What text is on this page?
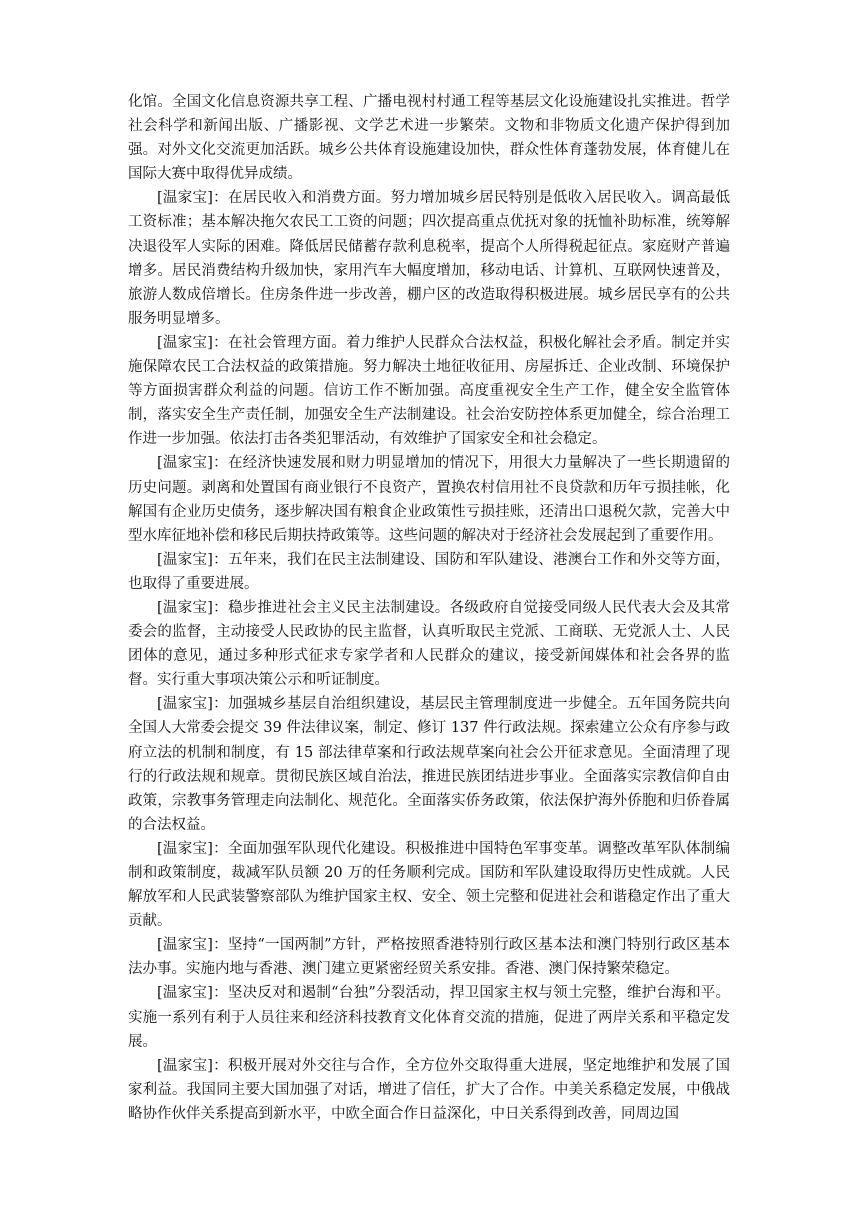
化馆。全国文化信息资源共享工程、广播电视村村通工程等基层文化设施建设扎实推进。哲学社会科学和新闻出版、广播影视、文学艺术进一步繁荣。文物和非物质文化遗产保护得到加强。对外文化交流更加活跃。城乡公共体育设施建设加快，群众性体育蓬勃发展，体育健儿在国际大赛中取得优异成绩。

[温家宝]：在居民收入和消费方面。努力增加城乡居民特别是低收入居民收入。调高最低工资标准；基本解决拖欠农民工工资的问题；四次提高重点优抚对象的抚恤补助标准，统筹解决退役军人实际的困难。降低居民储蓄存款利息税率，提高个人所得税起征点。家庭财产普遍增多。居民消费结构升级加快，家用汽车大幅度增加，移动电话、计算机、互联网快速普及，旅游人数成倍增长。住房条件进一步改善，棚户区的改造取得积极进展。城乡居民享有的公共服务明显增多。

[温家宝]：在社会管理方面。着力维护人民群众合法权益，积极化解社会矛盾。制定并实施保障农民工合法权益的政策措施。努力解决土地征收征用、房屋拆迁、企业改制、环境保护等方面损害群众利益的问题。信访工作不断加强。高度重视安全生产工作，健全安全监管体制，落实安全生产责任制，加强安全生产法制建设。社会治安防控体系更加健全，综合治理工作进一步加强。依法打击各类犯罪活动，有效维护了国家安全和社会稳定。

[温家宝]：在经济快速发展和财力明显增加的情况下，用很大力量解决了一些长期遗留的历史问题。剥离和处置国有商业银行不良资产，置换农村信用社不良贷款和历年亏损挂帐，化解国有企业历史债务，逐步解决国有粮食企业政策性亏损挂账，还清出口退税欠款，完善大中型水库征地补偿和移民后期扶持政策等。这些问题的解决对于经济社会发展起到了重要作用。

[温家宝]：五年来，我们在民主法制建设、国防和军队建设、港澳台工作和外交等方面，也取得了重要进展。

[温家宝]：稳步推进社会主义民主法制建设。各级政府自觉接受同级人民代表大会及其常委会的监督，主动接受人民政协的民主监督，认真听取民主党派、工商联、无党派人士、人民团体的意见，通过多种形式征求专家学者和人民群众的建议，接受新闻媒体和社会各界的监督。实行重大事项决策公示和听证制度。

[温家宝]：加强城乡基层自治组织建设，基层民主管理制度进一步健全。五年国务院共向全国人大常委会提交 39 件法律议案，制定、修订 137 件行政法规。探索建立公众有序参与政府立法的机制和制度，有 15 部法律草案和行政法规草案向社会公开征求意见。全面清理了现行的行政法规和规章。贯彻民族区域自治法，推进民族团结进步事业。全面落实宗教信仰自由政策，宗教事务管理走向法制化、规范化。全面落实侨务政策，依法保护海外侨胞和归侨眷属的合法权益。

[温家宝]：全面加强军队现代化建设。积极推进中国特色军事变革。调整改革军队体制编制和政策制度，裁减军队员额 20 万的任务顺利完成。国防和军队建设取得历史性成就。人民解放军和人民武装警察部队为维护国家主权、安全、领土完整和促进社会和谐稳定作出了重大贡献。

[温家宝]：坚持“一国两制”方针，严格按照香港特别行政区基本法和澳门特别行政区基本法办事。实施内地与香港、澳门建立更紧密经贸关系安排。香港、澳门保持繁荣稳定。

[温家宝]：坚决反对和遏制“台独”分裂活动，捍卫国家主权与领土完整，维护台海和平。实施一系列有利于人员往来和经济科技教育文化体育交流的措施，促进了两岸关系和平稳定发展。

[温家宝]：积极开展对外交往与合作，全方位外交取得重大进展，坚定地维护和发展了国家利益。我国同主要大国加强了对话，增进了信任，扩大了合作。中美关系稳定发展，中俄战略协作伙伴关系提高到新水平，中欧全面合作日益深化，中日关系得到改善，同周边国
